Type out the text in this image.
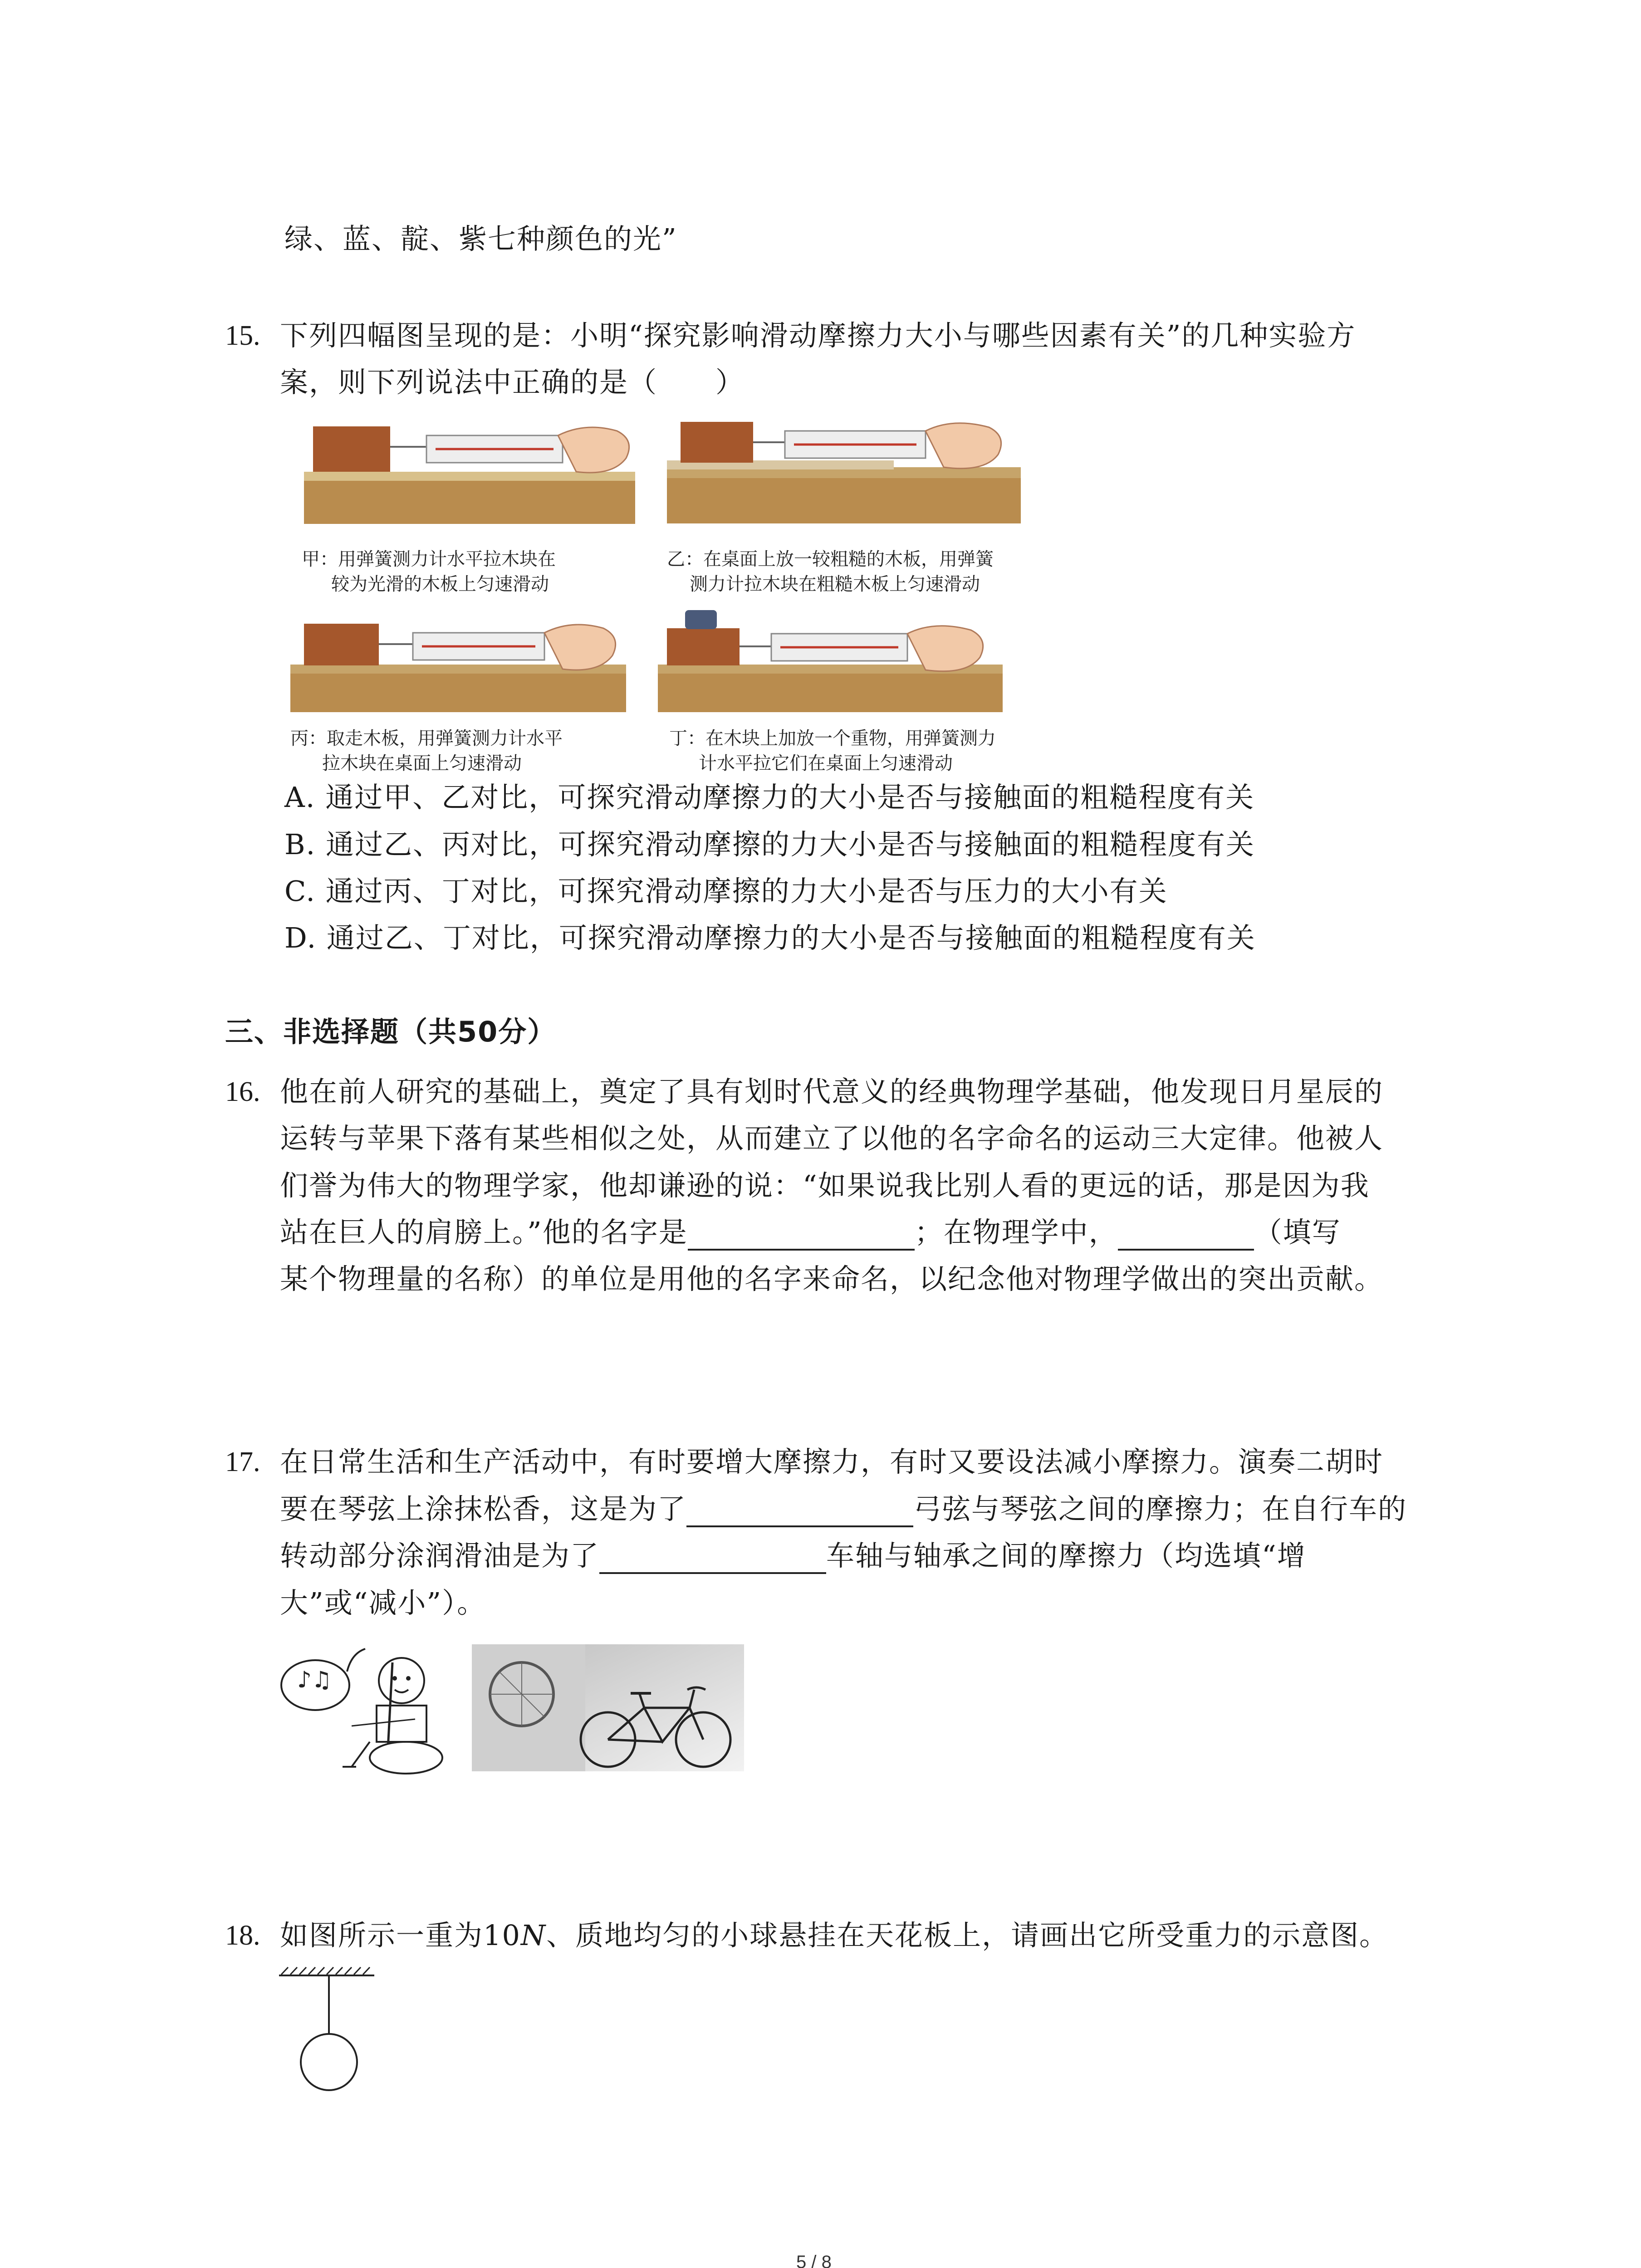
绿、蓝、靛、紫七种颜色的光”
15. 下列四幅图呈现的是：小明“探究影响滑动摩擦力大小与哪些因素有关”的几种实验方
案，则下列说法中正确的是（　　）
甲：用弹簧测力计水平拉木块在
较为光滑的木板上匀速滑动
乙：在桌面上放一较粗糙的木板，用弹簧
测力计拉木块在粗糙木板上匀速滑动
丙：取走木板，用弹簧测力计水平
拉木块在桌面上匀速滑动
丁：在木块上加放一个重物，用弹簧测力
计水平拉它们在桌面上匀速滑动
A. 通过甲、乙对比，可探究滑动摩擦力的大小是否与接触面的粗糙程度有关
B. 通过乙、丙对比，可探究滑动摩擦的力大小是否与接触面的粗糙程度有关
C. 通过丙、丁对比，可探究滑动摩擦的力大小是否与压力的大小有关
D. 通过乙、丁对比，可探究滑动摩擦力的大小是否与接触面的粗糙程度有关
三、非选择题（共50分）
16. 他在前人研究的基础上，奠定了具有划时代意义的经典物理学基础，他发现日月星辰的
运转与苹果下落有某些相似之处，从而建立了以他的名字命名的运动三大定律。他被人
们誉为伟大的物理学家，他却谦逊的说：“如果说我比别人看的更远的话，那是因为我
站在巨人的肩膀上。”他的名字是	；在物理学中，	（填写
某个物理量的名称）的单位是用他的名字来命名，以纪念他对物理学做出的突出贡献。
17. 在日常生活和生产活动中，有时要增大摩擦力，有时又要设法减小摩擦力。演奏二胡时
要在琴弦上涂抹松香，这是为了	弓弦与琴弦之间的摩擦力；在自行车的
转动部分涂润滑油是为了	车轴与轴承之间的摩擦力（均选填“增
大”或“减小”）。
♪♫
18. 如图所示一重为10N、质地均匀的小球悬挂在天花板上，请画出它所受重力的示意图。
5 / 8
